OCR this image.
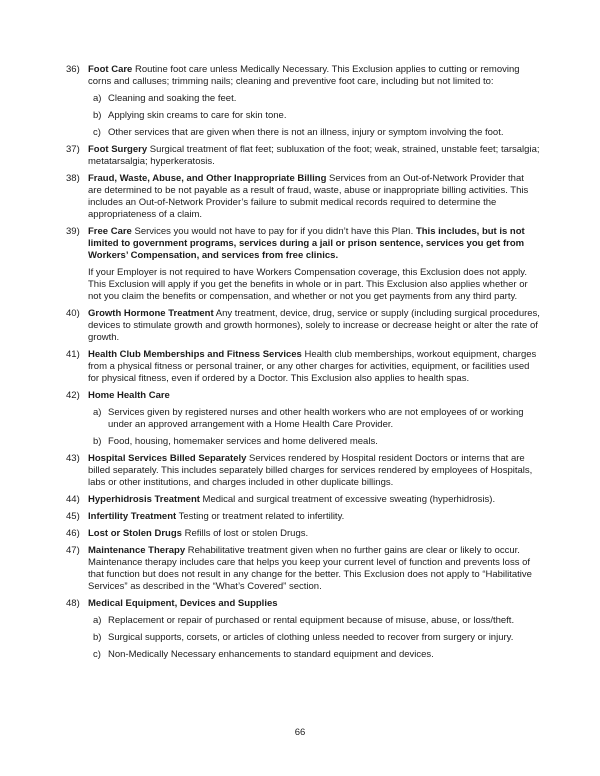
36) Foot Care Routine foot care unless Medically Necessary. This Exclusion applies to cutting or removing corns and calluses; trimming nails; cleaning and preventive foot care, including but not limited to:
a) Cleaning and soaking the feet.
b) Applying skin creams to care for skin tone.
c) Other services that are given when there is not an illness, injury or symptom involving the foot.
37) Foot Surgery Surgical treatment of flat feet; subluxation of the foot; weak, strained, unstable feet; tarsalgia; metatarsalgia; hyperkeratosis.
38) Fraud, Waste, Abuse, and Other Inappropriate Billing Services from an Out-of-Network Provider that are determined to be not payable as a result of fraud, waste, abuse or inappropriate billing activities. This includes an Out-of-Network Provider’s failure to submit medical records required to determine the appropriateness of a claim.
39) Free Care Services you would not have to pay for if you didn’t have this Plan. This includes, but is not limited to government programs, services during a jail or prison sentence, services you get from Workers’ Compensation, and services from free clinics.
If your Employer is not required to have Workers Compensation coverage, this Exclusion does not apply. This Exclusion will apply if you get the benefits in whole or in part. This Exclusion also applies whether or not you claim the benefits or compensation, and whether or not you get payments from any third party.
40) Growth Hormone Treatment Any treatment, device, drug, service or supply (including surgical procedures, devices to stimulate growth and growth hormones), solely to increase or decrease height or alter the rate of growth.
41) Health Club Memberships and Fitness Services Health club memberships, workout equipment, charges from a physical fitness or personal trainer, or any other charges for activities, equipment, or facilities used for physical fitness, even if ordered by a Doctor. This Exclusion also applies to health spas.
42) Home Health Care
a) Services given by registered nurses and other health workers who are not employees of or working under an approved arrangement with a Home Health Care Provider.
b) Food, housing, homemaker services and home delivered meals.
43) Hospital Services Billed Separately Services rendered by Hospital resident Doctors or interns that are billed separately. This includes separately billed charges for services rendered by employees of Hospitals, labs or other institutions, and charges included in other duplicate billings.
44) Hyperhidrosis Treatment Medical and surgical treatment of excessive sweating (hyperhidrosis).
45) Infertility Treatment Testing or treatment related to infertility.
46) Lost or Stolen Drugs Refills of lost or stolen Drugs.
47) Maintenance Therapy Rehabilitative treatment given when no further gains are clear or likely to occur. Maintenance therapy includes care that helps you keep your current level of function and prevents loss of that function but does not result in any change for the better. This Exclusion does not apply to “Habilitative Services” as described in the “What’s Covered” section.
48) Medical Equipment, Devices and Supplies
a) Replacement or repair of purchased or rental equipment because of misuse, abuse, or loss/theft.
b) Surgical supports, corsets, or articles of clothing unless needed to recover from surgery or injury.
c) Non-Medically Necessary enhancements to standard equipment and devices.
66
